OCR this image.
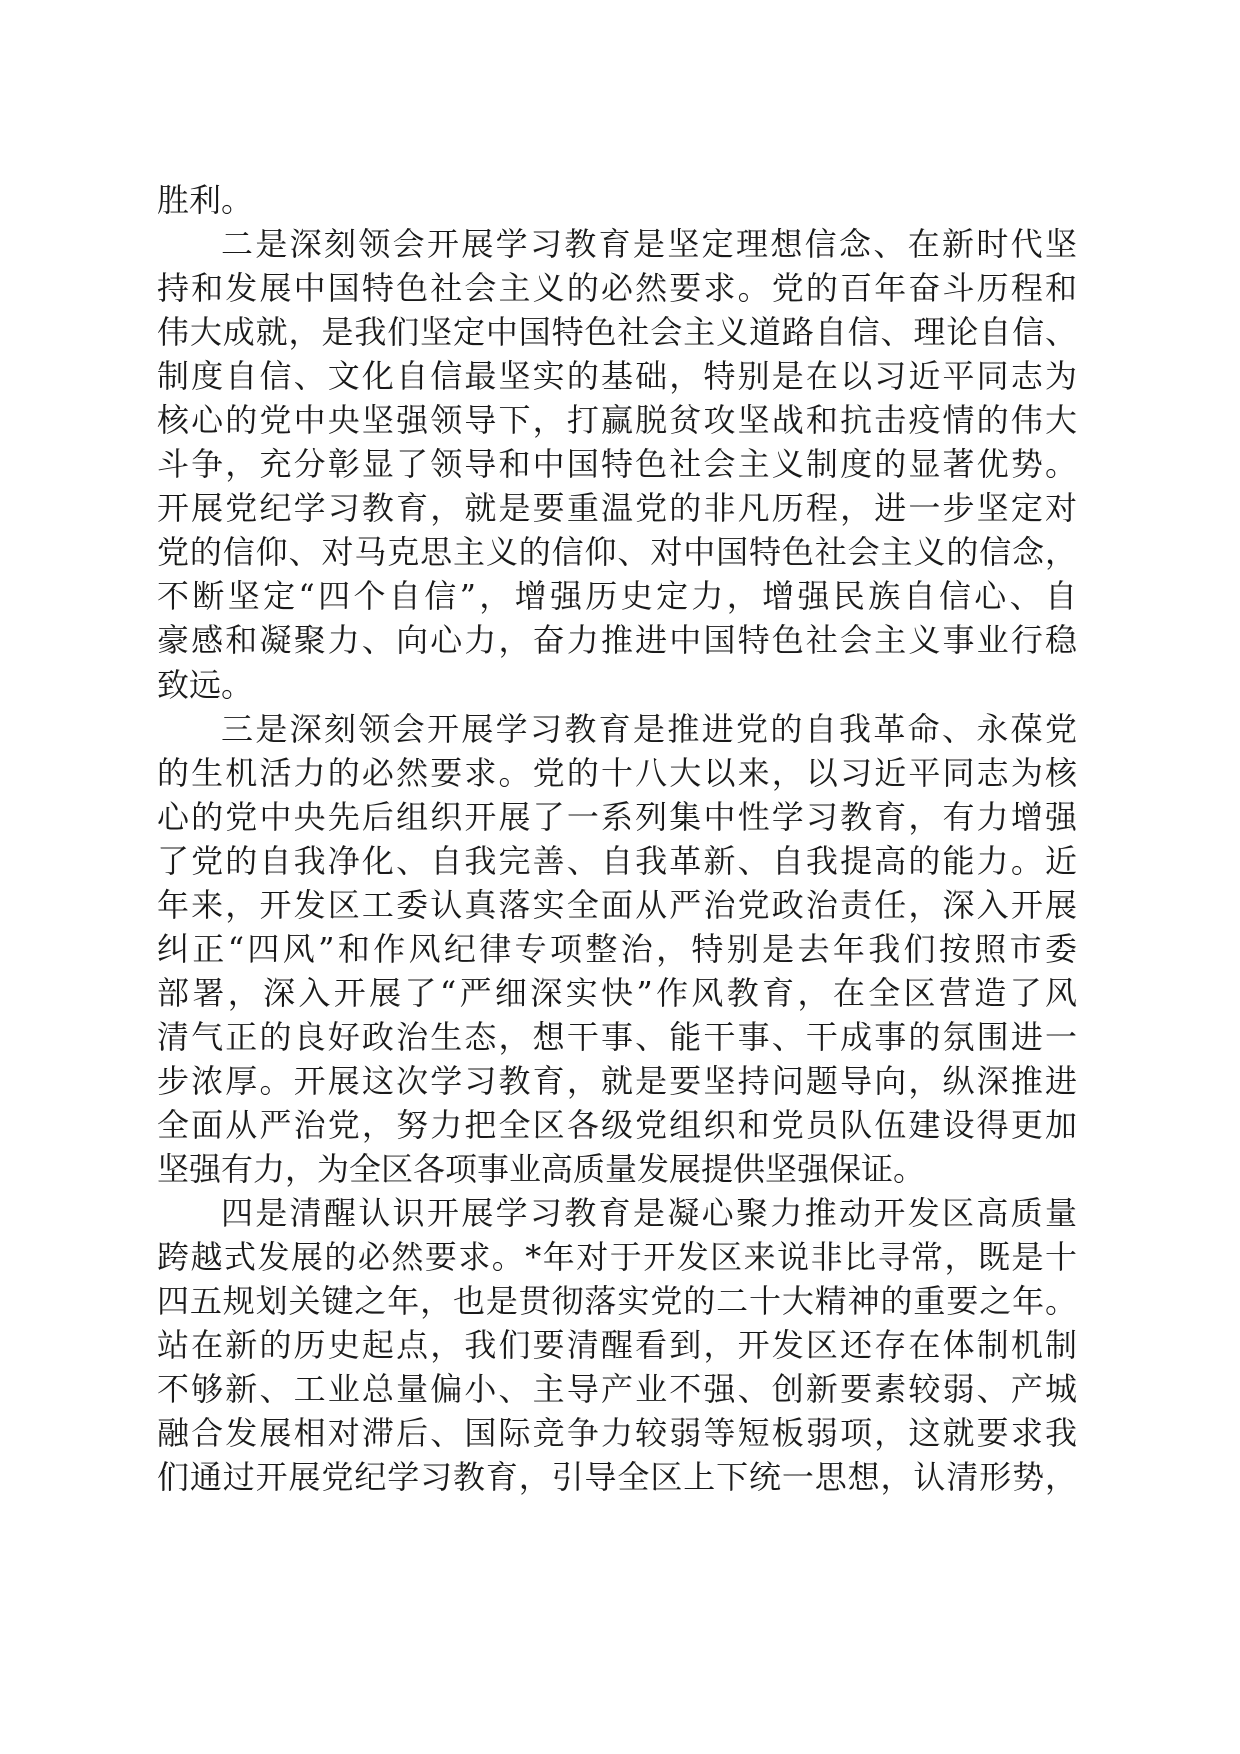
胜利。
二是深刻领会开展学习教育是坚定理想信念、在新时代坚
持和发展中国特色社会主义的必然要求。党的百年奋斗历程和
伟大成就，是我们坚定中国特色社会主义道路自信、理论自信、
制度自信、文化自信最坚实的基础，特别是在以习近平同志为
核心的党中央坚强领导下，打赢脱贫攻坚战和抗击疫情的伟大
斗争，充分彰显了领导和中国特色社会主义制度的显著优势。
开展党纪学习教育，就是要重温党的非凡历程，进一步坚定对
党的信仰、对马克思主义的信仰、对中国特色社会主义的信念，
不断坚定“四个自信”，增强历史定力，增强民族自信心、自
豪感和凝聚力、向心力，奋力推进中国特色社会主义事业行稳
致远。
三是深刻领会开展学习教育是推进党的自我革命、永葆党
的生机活力的必然要求。党的十八大以来，以习近平同志为核
心的党中央先后组织开展了一系列集中性学习教育，有力增强
了党的自我净化、自我完善、自我革新、自我提高的能力。近
年来，开发区工委认真落实全面从严治党政治责任，深入开展
纠正“四风”和作风纪律专项整治，特别是去年我们按照市委
部署，深入开展了“严细深实快”作风教育，在全区营造了风
清气正的良好政治生态，想干事、能干事、干成事的氛围进一
步浓厚。开展这次学习教育，就是要坚持问题导向，纵深推进
全面从严治党，努力把全区各级党组织和党员队伍建设得更加
坚强有力，为全区各项事业高质量发展提供坚强保证。
四是清醒认识开展学习教育是凝心聚力推动开发区高质量
跨越式发展的必然要求。*年对于开发区来说非比寻常，既是十
四五规划关键之年，也是贯彻落实党的二十大精神的重要之年。
站在新的历史起点，我们要清醒看到，开发区还存在体制机制
不够新、工业总量偏小、主导产业不强、创新要素较弱、产城
融合发展相对滞后、国际竞争力较弱等短板弱项，这就要求我
们通过开展党纪学习教育，引导全区上下统一思想，认清形势，
